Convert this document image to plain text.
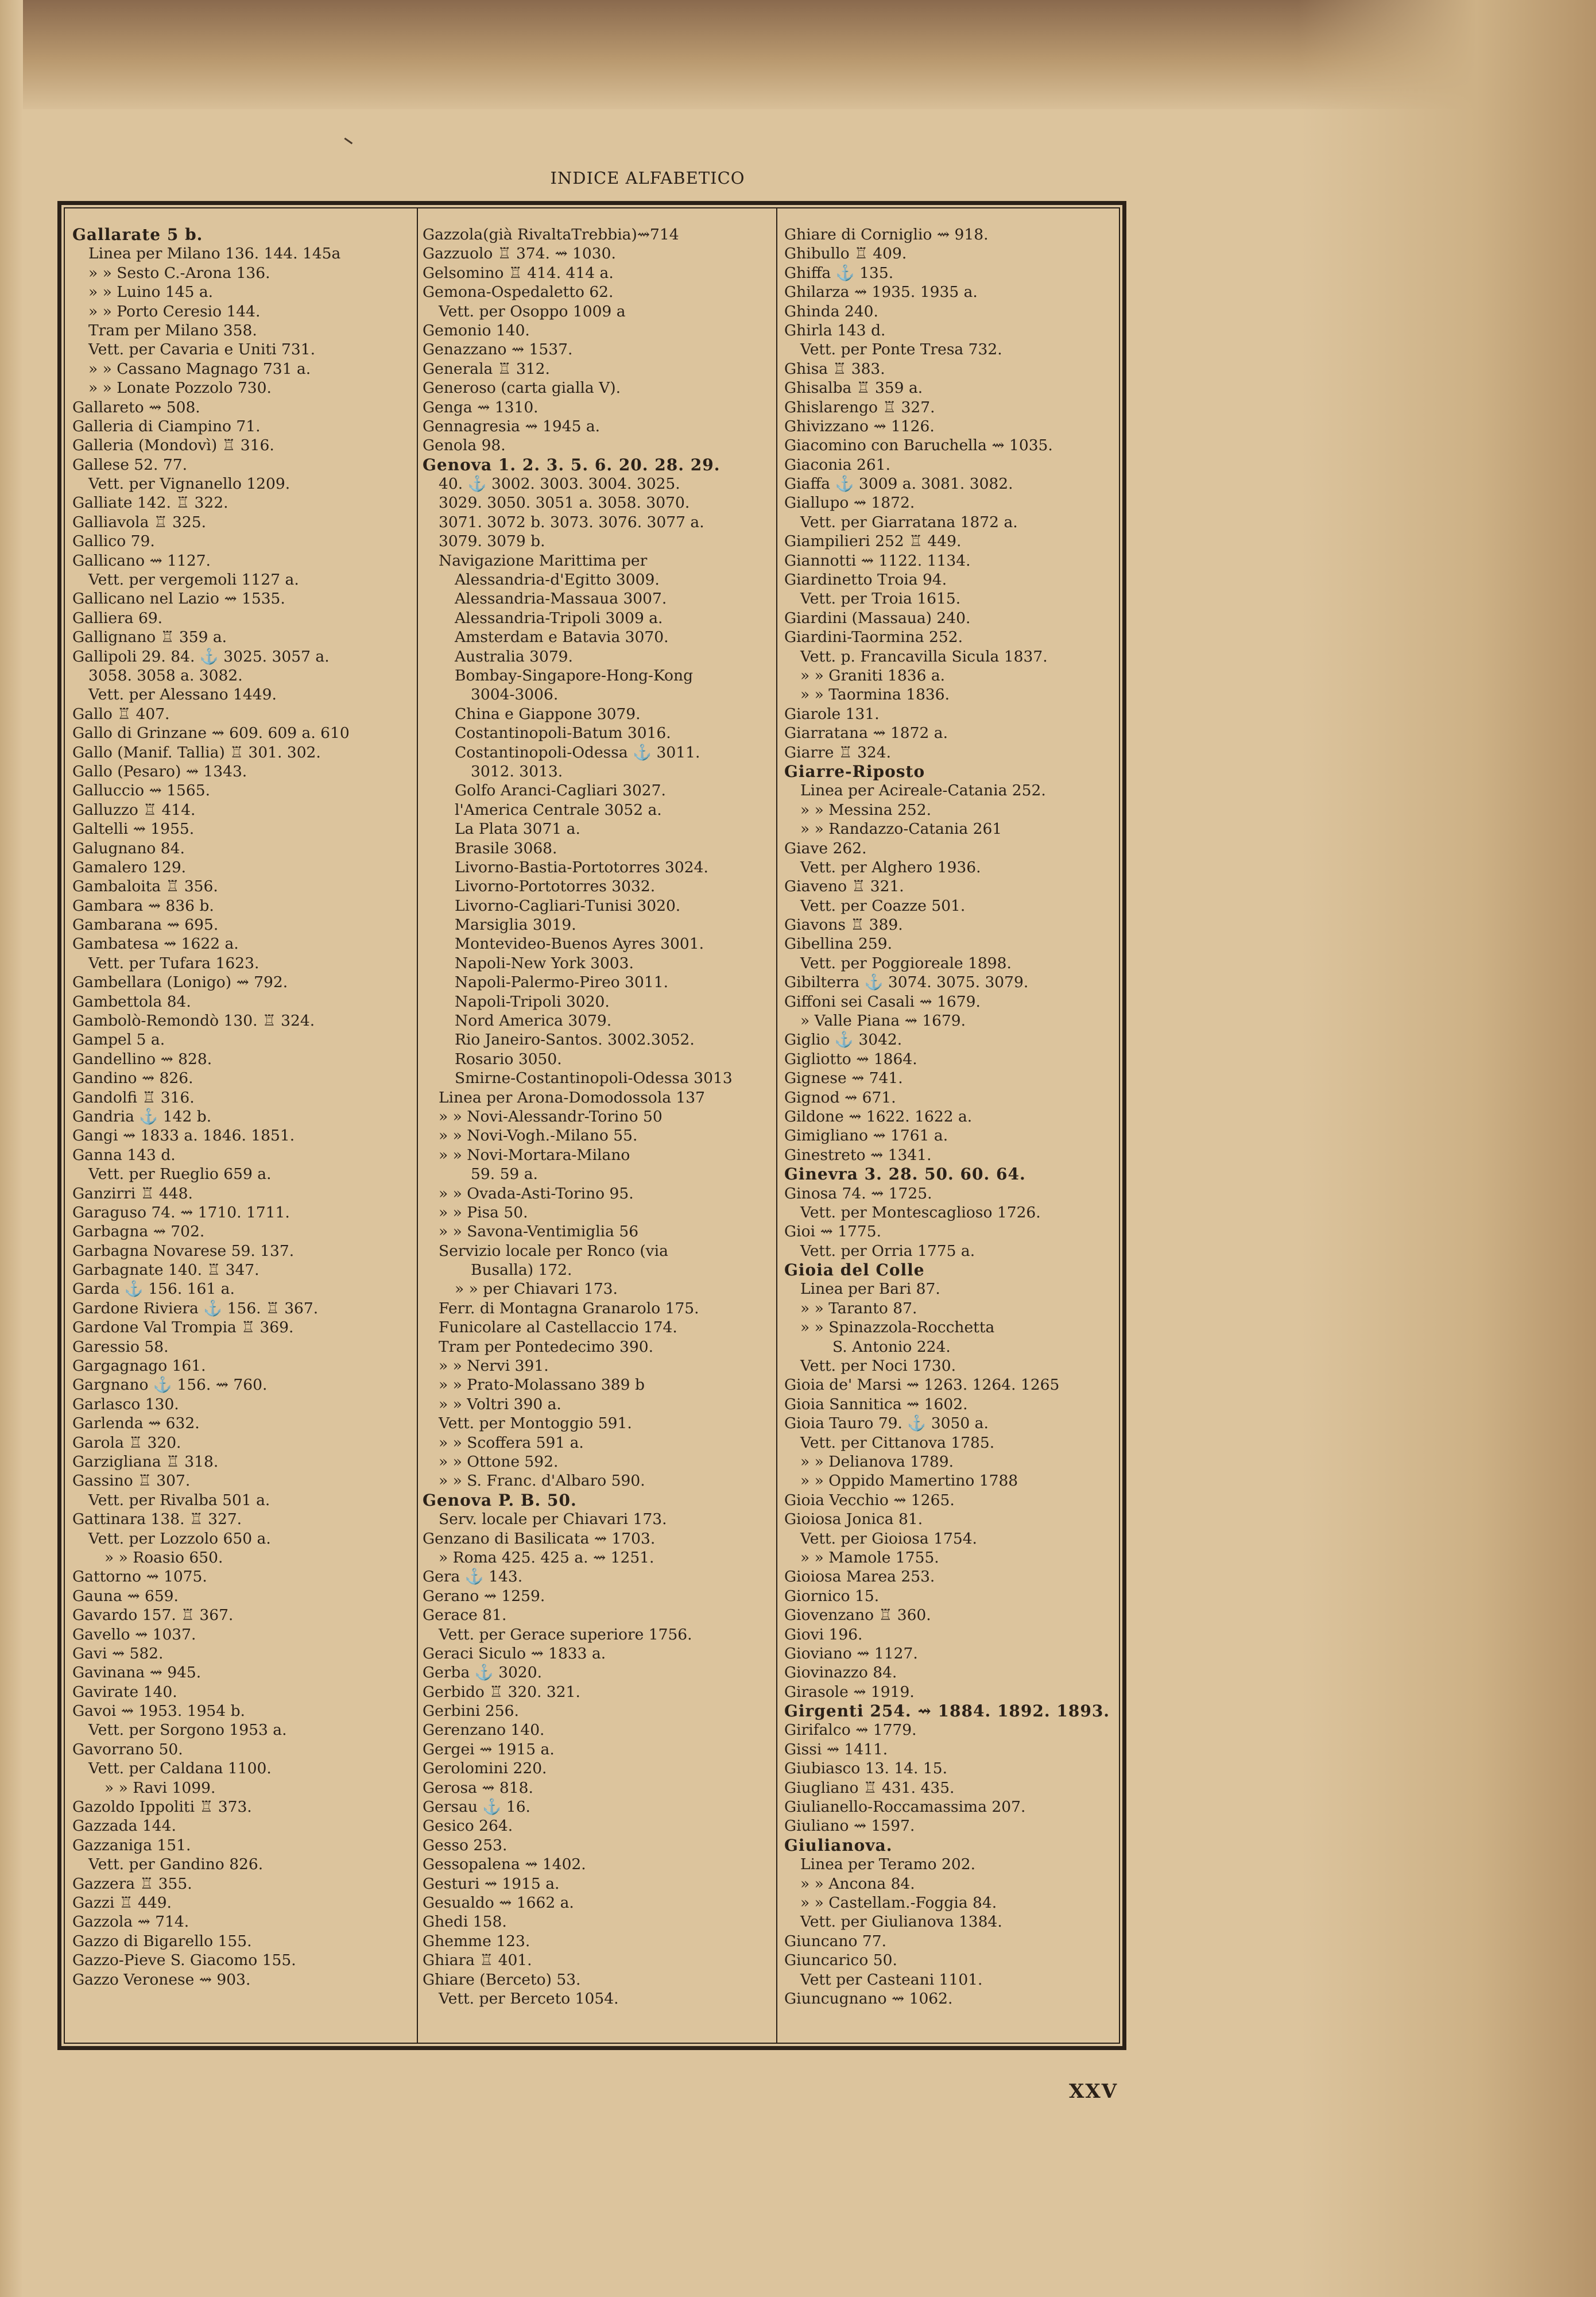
INDICE ALFABETICO
Gallarate 5 b.
Linea per Milano 136. 144. 145a
» » Sesto C.-Arona 136.
» » Luino 145 a.
» » Porto Ceresio 144.
Tram per Milano 358.
Vett. per Cavaria e Uniti 731.
» » Cassano Magnago 731 a.
» » Lonate Pozzolo 730.
Gallareto ⇝ 508.
Galleria di Ciampino 71.
Galleria (Mondovì) ♖ 316.
Gallese 52. 77.
Vett. per Vignanello 1209.
Galliate 142. ♖ 322.
Galliavola ♖ 325.
Gallico 79.
Gallicano ⇝ 1127.
Vett. per vergemoli 1127 a.
Gallicano nel Lazio ⇝ 1535.
Galliera 69.
Gallignano ♖ 359 a.
Gallipoli 29. 84. ⚓ 3025. 3057 a.
3058. 3058 a. 3082.
Vett. per Alessano 1449.
Gallo ♖ 407.
Gallo di Grinzane ⇝ 609. 609 a. 610
Gallo (Manif. Tallia) ♖ 301. 302.
Gallo (Pesaro) ⇝ 1343.
Galluccio ⇝ 1565.
Galluzzo ♖ 414.
Galtelli ⇝ 1955.
Galugnano 84.
Gamalero 129.
Gambaloita ♖ 356.
Gambara ⇝ 836 b.
Gambarana ⇝ 695.
Gambatesa ⇝ 1622 a.
Vett. per Tufara 1623.
Gambellara (Lonigo) ⇝ 792.
Gambettola 84.
Gambolò-Remondò 130. ♖ 324.
Gampel 5 a.
Gandellino ⇝ 828.
Gandino ⇝ 826.
Gandolfi ♖ 316.
Gandria ⚓ 142 b.
Gangi ⇝ 1833 a. 1846. 1851.
Ganna 143 d.
Vett. per Rueglio 659 a.
Ganzirri ♖ 448.
Garaguso 74. ⇝ 1710. 1711.
Garbagna ⇝ 702.
Garbagna Novarese 59. 137.
Garbagnate 140. ♖ 347.
Garda ⚓ 156. 161 a.
Gardone Riviera ⚓ 156. ♖ 367.
Gardone Val Trompia ♖ 369.
Garessio 58.
Gargagnago 161.
Gargnano ⚓ 156. ⇝ 760.
Garlasco 130.
Garlenda ⇝ 632.
Garola ♖ 320.
Garzigliana ♖ 318.
Gassino ♖ 307.
Vett. per Rivalba 501 a.
Gattinara 138. ♖ 327.
Vett. per Lozzolo 650 a.
» » Roasio 650.
Gattorno ⇝ 1075.
Gauna ⇝ 659.
Gavardo 157. ♖ 367.
Gavello ⇝ 1037.
Gavi ⇝ 582.
Gavinana ⇝ 945.
Gavirate 140.
Gavoi ⇝ 1953. 1954 b.
Vett. per Sorgono 1953 a.
Gavorrano 50.
Vett. per Caldana 1100.
» » Ravi 1099.
Gazoldo Ippoliti ♖ 373.
Gazzada 144.
Gazzaniga 151.
Vett. per Gandino 826.
Gazzera ♖ 355.
Gazzi ♖ 449.
Gazzola ⇝ 714.
Gazzo di Bigarello 155.
Gazzo-Pieve S. Giacomo 155.
Gazzo Veronese ⇝ 903.
Gazzola(già RivaltaTrebbia)⇝714
Gazzuolo ♖ 374. ⇝ 1030.
Gelsomino ♖ 414. 414 a.
Gemona-Ospedaletto 62.
Vett. per Osoppo 1009 a
Gemonio 140.
Genazzano ⇝ 1537.
Generala ♖ 312.
Generoso (carta gialla V).
Genga ⇝ 1310.
Gennagresia ⇝ 1945 a.
Genola 98.
Genova 1. 2. 3. 5. 6. 20. 28. 29.
40. ⚓ 3002. 3003. 3004. 3025.
3029. 3050. 3051 a. 3058. 3070.
3071. 3072 b. 3073. 3076. 3077 a.
3079. 3079 b.
Navigazione Marittima per
Alessandria-d'Egitto 3009.
Alessandria-Massaua 3007.
Alessandria-Tripoli 3009 a.
Amsterdam e Batavia 3070.
Australia 3079.
Bombay-Singapore-Hong-Kong
3004-3006.
China e Giappone 3079.
Costantinopoli-Batum 3016.
Costantinopoli-Odessa ⚓ 3011.
3012. 3013.
Golfo Aranci-Cagliari 3027.
l'America Centrale 3052 a.
La Plata 3071 a.
Brasile 3068.
Livorno-Bastia-Portotorres 3024.
Livorno-Portotorres 3032.
Livorno-Cagliari-Tunisi 3020.
Marsiglia 3019.
Montevideo-Buenos Ayres 3001.
Napoli-New York 3003.
Napoli-Palermo-Pireo 3011.
Napoli-Tripoli 3020.
Nord America 3079.
Rio Janeiro-Santos. 3002.3052.
Rosario 3050.
Smirne-Costantinopoli-Odessa 3013
Linea per Arona-Domodossola 137
» » Novi-Alessandr-Torino 50
» » Novi-Vogh.-Milano 55.
» » Novi-Mortara-Milano
59. 59 a.
» » Ovada-Asti-Torino 95.
» » Pisa 50.
» » Savona-Ventimiglia 56
Servizio locale per Ronco (via
Busalla) 172.
» » per Chiavari 173.
Ferr. di Montagna Granarolo 175.
Funicolare al Castellaccio 174.
Tram per Pontedecimo 390.
» » Nervi 391.
» » Prato-Molassano 389 b
» » Voltri 390 a.
Vett. per Montoggio 591.
» » Scoffera 591 a.
» » Ottone 592.
» » S. Franc. d'Albaro 590.
Genova P. B. 50.
Serv. locale per Chiavari 173.
Genzano di Basilicata ⇝ 1703.
» Roma 425. 425 a. ⇝ 1251.
Gera ⚓ 143.
Gerano ⇝ 1259.
Gerace 81.
Vett. per Gerace superiore 1756.
Geraci Siculo ⇝ 1833 a.
Gerba ⚓ 3020.
Gerbido ♖ 320. 321.
Gerbini 256.
Gerenzano 140.
Gergei ⇝ 1915 a.
Gerolomini 220.
Gerosa ⇝ 818.
Gersau ⚓ 16.
Gesico 264.
Gesso 253.
Gessopalena ⇝ 1402.
Gesturi ⇝ 1915 a.
Gesualdo ⇝ 1662 a.
Ghedi 158.
Ghemme 123.
Ghiara ♖ 401.
Ghiare (Berceto) 53.
Vett. per Berceto 1054.
Ghiare di Corniglio ⇝ 918.
Ghibullo ♖ 409.
Ghiffa ⚓ 135.
Ghilarza ⇝ 1935. 1935 a.
Ghinda 240.
Ghirla 143 d.
Vett. per Ponte Tresa 732.
Ghisa ♖ 383.
Ghisalba ♖ 359 a.
Ghislarengo ♖ 327.
Ghivizzano ⇝ 1126.
Giacomino con Baruchella ⇝ 1035.
Giaconia 261.
Giaffa ⚓ 3009 a. 3081. 3082.
Giallupo ⇝ 1872.
Vett. per Giarratana 1872 a.
Giampilieri 252 ♖ 449.
Giannotti ⇝ 1122. 1134.
Giardinetto Troia 94.
Vett. per Troia 1615.
Giardini (Massaua) 240.
Giardini-Taormina 252.
Vett. p. Francavilla Sicula 1837.
» » Graniti 1836 a.
» » Taormina 1836.
Giarole 131.
Giarratana ⇝ 1872 a.
Giarre ♖ 324.
Giarre-Riposto
Linea per Acireale-Catania 252.
» » Messina 252.
» » Randazzo-Catania 261
Giave 262.
Vett. per Alghero 1936.
Giaveno ♖ 321.
Vett. per Coazze 501.
Giavons ♖ 389.
Gibellina 259.
Vett. per Poggioreale 1898.
Gibilterra ⚓ 3074. 3075. 3079.
Giffoni sei Casali ⇝ 1679.
» Valle Piana ⇝ 1679.
Giglio ⚓ 3042.
Gigliotto ⇝ 1864.
Gignese ⇝ 741.
Gignod ⇝ 671.
Gildone ⇝ 1622. 1622 a.
Gimigliano ⇝ 1761 a.
Ginestreto ⇝ 1341.
Ginevra 3. 28. 50. 60. 64.
Ginosa 74. ⇝ 1725.
Vett. per Montescaglioso 1726.
Gioi ⇝ 1775.
Vett. per Orria 1775 a.
Gioia del Colle
Linea per Bari 87.
» » Taranto 87.
» » Spinazzola-Rocchetta
S. Antonio 224.
Vett. per Noci 1730.
Gioia de' Marsi ⇝ 1263. 1264. 1265
Gioia Sannitica ⇝ 1602.
Gioia Tauro 79. ⚓ 3050 a.
Vett. per Cittanova 1785.
» » Delianova 1789.
» » Oppido Mamertino 1788
Gioia Vecchio ⇝ 1265.
Gioiosa Jonica 81.
Vett. per Gioiosa 1754.
» » Mamole 1755.
Gioiosa Marea 253.
Giornico 15.
Giovenzano ♖ 360.
Giovi 196.
Gioviano ⇝ 1127.
Giovinazzo 84.
Girasole ⇝ 1919.
Girgenti 254. ⇝ 1884. 1892. 1893.
Girifalco ⇝ 1779.
Gissi ⇝ 1411.
Giubiasco 13. 14. 15.
Giugliano ♖ 431. 435.
Giulianello-Roccamassima 207.
Giuliano ⇝ 1597.
Giulianova.
Linea per Teramo 202.
» » Ancona 84.
» » Castellam.-Foggia 84.
Vett. per Giulianova 1384.
Giuncano 77.
Giuncarico 50.
Vett per Casteani 1101.
Giuncugnano ⇝ 1062.
XXV
